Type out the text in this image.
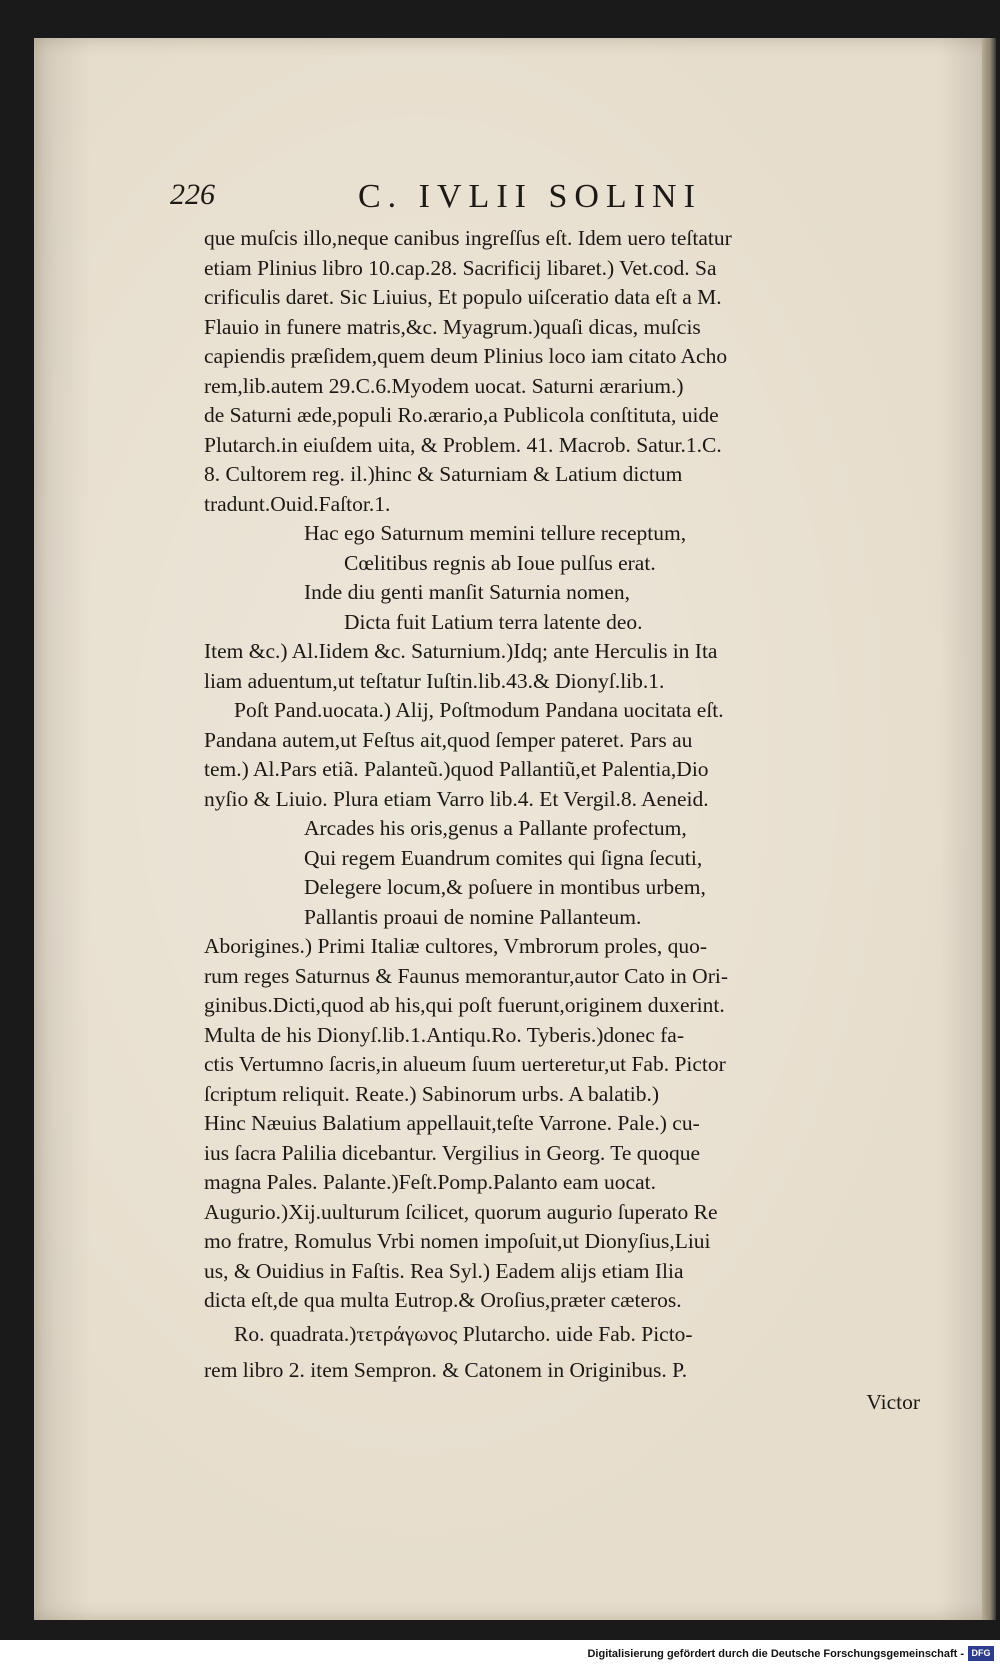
226	C. IVLII SOLINI
que muſcis illo,neque canibus ingreſſus eſt. Idem uero teſtatur
etiam Plinius libro 10.cap.28. Sacrificij libaret.) Vet.cod. Sa
crificulis daret. Sic Liuius, Et populo uiſceratio data eſt a M.
Flauio in funere matris,&c. Myagrum.)quaſi dicas, muſcis
capiendis præſidem,quem deum Plinius loco iam citato Acho
rem,lib.autem 29.C.6.Myodem uocat. Saturni ærarium.)
de Saturni æde,populi Ro.ærario,a Publicola conſtituta, uide
Plutarch.in eiuſdem uita, & Problem. 41. Macrob. Satur.1.C.
8. Cultorem reg. il.)hinc & Saturniam & Latium dictum
tradunt.Ouid.Faſtor.1.
Hac ego Saturnum memini tellure receptum,
Cœlitibus regnis ab Ioue pulſus erat.
Inde diu genti manſit Saturnia nomen,
Dicta fuit Latium terra latente deo.
Item &c.) Al.Iidem &c. Saturnium.)Idq; ante Herculis in Ita
liam aduentum,ut teſtatur Iuſtin.lib.43.& Dionyſ.lib.1.
Poſt Pand.uocata.) Alij, Poſtmodum Pandana uocitata eſt.
Pandana autem,ut Feſtus ait,quod ſemper pateret. Pars au
tem.) Al.Pars etiã. Palanteũ.)quod Pallantiũ,et Palentia,Dio
nyſio & Liuio. Plura etiam Varro lib.4. Et Vergil.8. Aeneid.
Arcades his oris,genus a Pallante profectum,
Qui regem Euandrum comites qui ſigna ſecuti,
Delegere locum,& poſuere in montibus urbem,
Pallantis proaui de nomine Pallanteum.
Aborigines.) Primi Italiæ cultores, Vmbrorum proles, quo-
rum reges Saturnus & Faunus memorantur,autor Cato in Ori-
ginibus.Dicti,quod ab his,qui poſt fuerunt,originem duxerint.
Multa de his Dionyſ.lib.1.Antiqu.Ro. Tyberis.)donec fa-
ctis Vertumno ſacris,in alueum ſuum uerteretur,ut Fab. Pictor
ſcriptum reliquit. Reate.) Sabinorum urbs. A balatib.)
Hinc Næuius Balatium appellauit,teſte Varrone. Pale.) cu-
ius ſacra Palilia dicebantur. Vergilius in Georg. Te quoque
magna Pales. Palante.)Feſt.Pomp.Palanto eam uocat.
Augurio.)Xij.uulturum ſcilicet, quorum augurio ſuperato Re
mo fratre, Romulus Vrbi nomen impoſuit,ut Dionyſius,Liui
us, & Ouidius in Faſtis. Rea Syl.) Eadem alijs etiam Ilia
dicta eſt,de qua multa Eutrop.& Oroſius,præter cæteros.
Ro. quadrata.)τετράγωνος Plutarcho. uide Fab. Picto-
rem libro 2. item Sempron. & Catonem in Originibus. P.
Victor
Digitalisierung gefördert durch die Deutsche Forschungsgemeinschaft - DFG
